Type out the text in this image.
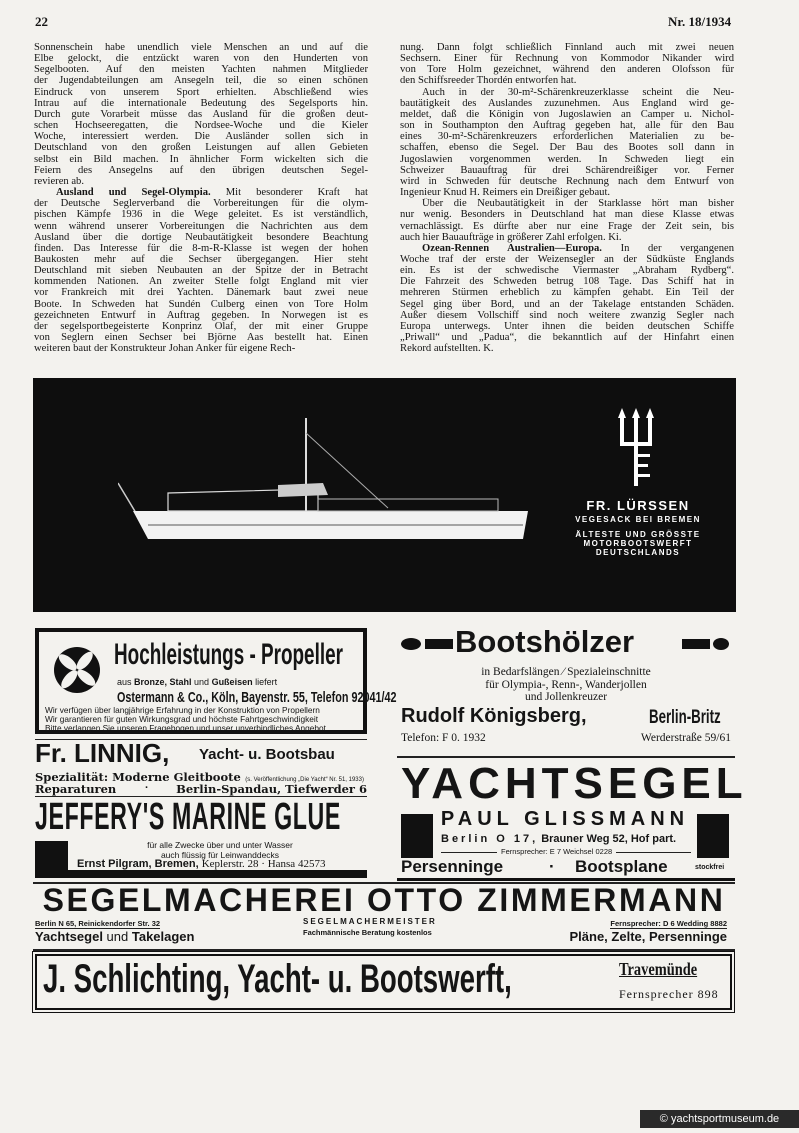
22	Nr. 18/1934
Sonnenschein habe unendlich viele Menschen an und auf die
Elbe gelockt, die entzückt waren von den Hunderten von
Segelbooten. Auf den meisten Yachten nahmen Mitglieder
der Jugendabteilungen am Ansegeln teil, die so einen schönen
Eindruck von unserem Sport erhielten. Abschließend wies
Intrau auf die internationale Bedeutung des Segelsports hin.
Durch gute Vorarbeit müsse das Ausland für die großen deut-
schen Hochseeregatten, die Nordsee-Woche und die Kieler
Woche, interessiert werden. Die Ausländer sollen sich in
Deutschland von den großen Leistungen auf allen Gebieten
selbst ein Bild machen. In ähnlicher Form wickelten sich die
Feiern des Ansegelns auf den übrigen deutschen Segel-
revieren ab.
Ausland und Segel-Olympia. Mit besonderer Kraft hat
der Deutsche Seglerverband die Vorbereitungen für die olym-
pischen Kämpfe 1936 in die Wege geleitet. Es ist verständlich,
wenn während unserer Vorbereitungen die Nachrichten aus dem
Ausland über die dortige Neubautätigkeit besondere Beachtung
finden. Das Interesse für die 8-m-R-Klasse ist wegen der hohen
Baukosten mehr auf die Sechser übergegangen. Hier steht
Deutschland mit sieben Neubauten an der Spitze der in Betracht
kommenden Nationen. An zweiter Stelle folgt England mit vier
vor Frankreich mit drei Yachten. Dänemark baut zwei neue
Boote. In Schweden hat Sundén Culberg einen von Tore Holm
gezeichneten Entwurf in Auftrag gegeben. In Norwegen ist es
der segelsportbegeisterte Konprinz Olaf, der mit einer Gruppe
von Seglern einen Sechser bei Björne Aas bestellt hat. Einen
weiteren baut der Konstrukteur Johan Anker für eigene Rech-
nung. Dann folgt schließlich Finnland auch mit zwei neuen
Sechsern. Einer für Rechnung von Kommodor Nikander wird
von Tore Holm gezeichnet, während den anderen Olofsson für
den Schiffsreeder Thordén entworfen hat.
Auch in der 30-m²-Schärenkreuzerklasse scheint die Neu-
bautätigkeit des Auslandes zuzunehmen. Aus England wird ge-
meldet, daß die Königin von Jugoslawien an Camper u. Nichol-
son in Southampton den Auftrag gegeben hat, alle für den Bau
eines 30-m²-Schärenkreuzers erforderlichen Materialien zu be-
schaffen, ebenso die Segel. Der Bau des Bootes soll dann in
Jugoslawien vorgenommen werden. In Schweden liegt ein
Schweizer Bauauftrag für drei Schärendreißiger vor. Ferner
wird in Schweden für deutsche Rechnung nach dem Entwurf von
Ingenieur Knud H. Reimers ein Dreißiger gebaut.
Über die Neubautätigkeit in der Starklasse hört man bisher
nur wenig. Besonders in Deutschland hat man diese Klasse etwas
vernachlässigt. Es dürfte aber nur eine Frage der Zeit sein, bis
auch hier Bauaufträge in größerer Zahl erfolgen. Ki.
Ozean-Rennen Australien—Europa. In der vergangenen
Woche traf der erste der Weizensegler an der Südküste Englands
ein. Es ist der schwedische Viermaster „Abraham Rydberg“.
Die Fahrzeit des Schweden betrug 108 Tage. Das Schiff hat in
mehreren Stürmen erheblich zu kämpfen gehabt. Ein Teil der
Segel ging über Bord, und an der Takelage entstanden Schäden.
Außer diesem Vollschiff sind noch weitere zwanzig Segler nach
Europa unterwegs. Unter ihnen die beiden deutschen Schiffe
„Priwall“ und „Padua“, die bekanntlich auf der Hinfahrt einen
Rekord aufstellten. K.
FR. LÜRSSEN
VEGESACK BEI BREMEN
ÄLTESTE UND GRÖSSTE
MOTORBOOTSWERFT
DEUTSCHLANDS
Hochleistungs - Propeller
aus Bronze, Stahl und Gußeisen liefert
Ostermann & Co., Köln, Bayenstr. 55, Telefon 92041/42
Wir verfügen über langjährige Erfahrung in der Konstruktion von Propellern
Wir garantieren für guten Wirkungsgrad und höchste Fahrtgeschwindigkeit
Bitte verlangen Sie unseren Fragebogen und unser unverbindliches Angebot
Fr. LINNIG, Yacht- u. Bootsbau
Spezialität: Moderne Gleitboote (s. Veröffentlichung „Die Yacht“ Nr. 51, 1933)
Reparaturen	· Berlin-Spandau, Tiefwerder 6
JEFFERY'S MARINE GLUE
für alle Zwecke über und unter Wasser
auch flüssig für Leinwanddecks
Ernst Pilgram, Bremen, Keplerstr. 28 · Hansa 42573
Bootshölzer
in Bedarfslängen ⁄ Spezialeinschnitte
für Olympia-, Renn-, Wanderjollen
und Jollenkreuzer
Rudolf Königsberg,	Berlin-Britz
Telefon: F 0. 1932	Werderstraße 59/61
YACHTSEGEL
PAUL GLISSMANN
Berlin O 17, Brauner Weg 52, Hof part.
Fernsprecher: E 7 Weichsel 0228
Persenninge	· Bootsplane	stockfrei
SEGELMACHEREI OTTO ZIMMERMANN
Berlin N 65, Reinickendorfer Str. 32	SEGELMACHERMEISTER
Fachmännische Beratung kostenlos
Fernsprecher: D 6 Wedding 8882
Yachtsegel und Takelagen	Pläne, Zelte, Persenninge
J. Schlichting, Yacht- u. Bootswerft,	Travemünde
Fernsprecher 898
© yachtsportmuseum.de
